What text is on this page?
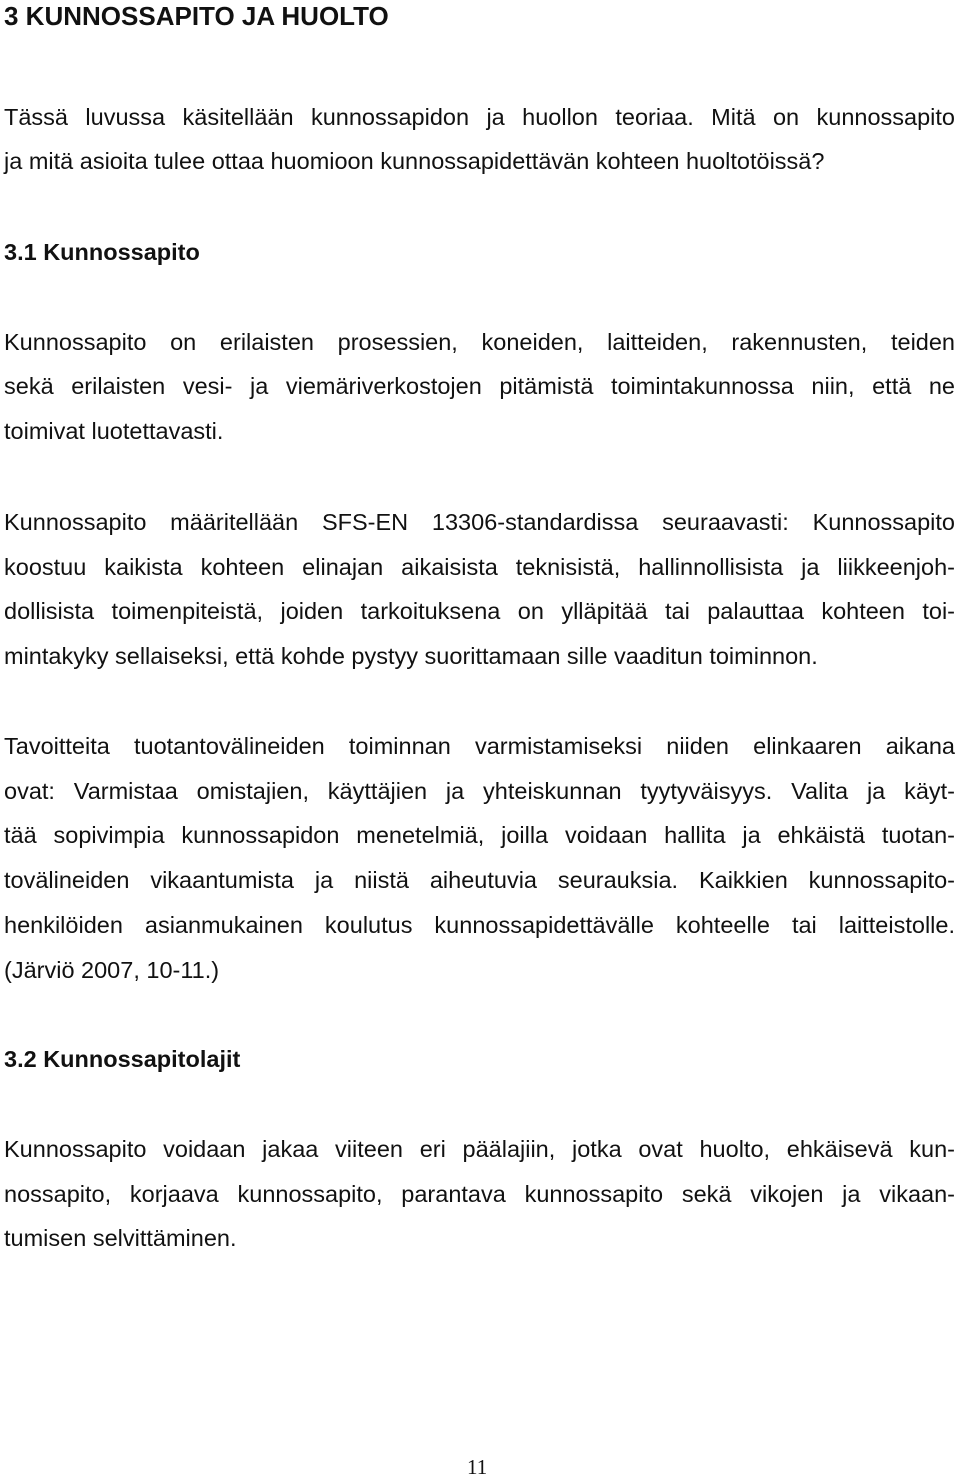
3 KUNNOSSAPITO JA HUOLTO
Tässä luvussa käsitellään kunnossapidon ja huollon teoriaa. Mitä on kunnossapito
ja mitä asioita tulee ottaa huomioon kunnossapidettävän kohteen huoltotöissä?
3.1 Kunnossapito
Kunnossapito on erilaisten prosessien, koneiden, laitteiden, rakennusten, teiden
sekä erilaisten vesi- ja viemäriverkostojen pitämistä toimintakunnossa niin, että ne
toimivat luotettavasti.
Kunnossapito määritellään SFS-EN 13306-standardissa seuraavasti: Kunnossapito
koostuu kaikista kohteen elinajan aikaisista teknisistä, hallinnollisista ja liikkeenjoh-
dollisista toimenpiteistä, joiden tarkoituksena on ylläpitää tai palauttaa kohteen toi-
mintakyky sellaiseksi, että kohde pystyy suorittamaan sille vaaditun toiminnon.
Tavoitteita tuotantovälineiden toiminnan varmistamiseksi niiden elinkaaren aikana
ovat: Varmistaa omistajien, käyttäjien ja yhteiskunnan tyytyväisyys. Valita ja käyt-
tää sopivimpia kunnossapidon menetelmiä, joilla voidaan hallita ja ehkäistä tuotan-
tovälineiden vikaantumista ja niistä aiheutuvia seurauksia. Kaikkien kunnossapito-
henkilöiden asianmukainen koulutus kunnossapidettävälle kohteelle tai laitteistolle.
(Järviö 2007, 10-11.)
3.2 Kunnossapitolajit
Kunnossapito voidaan jakaa viiteen eri päälajiin, jotka ovat huolto, ehkäisevä kun-
nossapito, korjaava kunnossapito, parantava kunnossapito sekä vikojen ja vikaan-
tumisen selvittäminen.
11
